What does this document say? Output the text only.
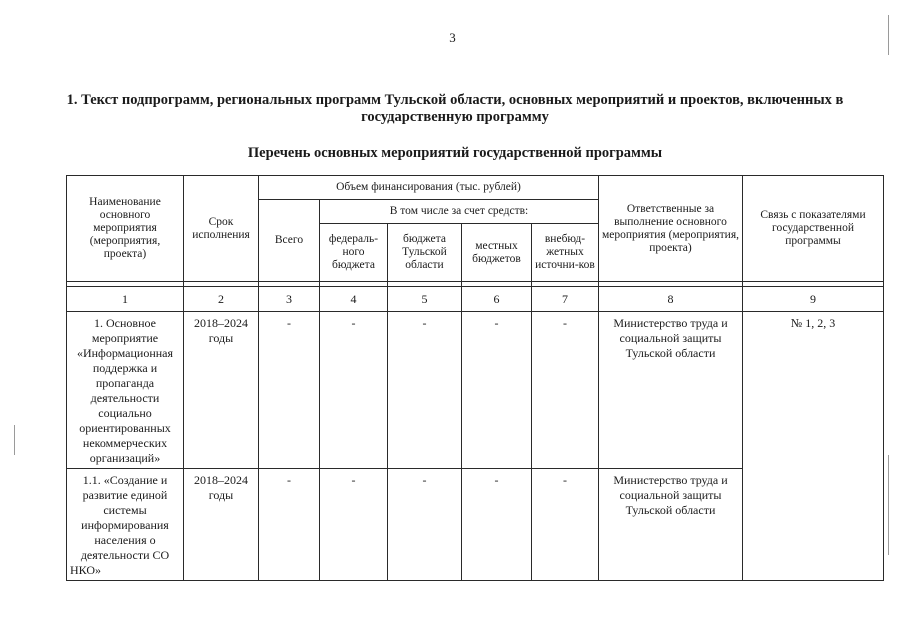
3
1. Текст подпрограмм, региональных программ Тульской области, основных мероприятий и проектов, включенных в государственную программу
Перечень основных мероприятий государственной программы
Наименование основного мероприятия (мероприятия, проекта)	Срок исполнения	Объем финансирования (тыс. рублей)					Ответственные за выполнение основного мероприятия (мероприятия, проекта)	Связь с показателями государственной программы
		Всего	В том числе за счет средств:					
			федераль-ного бюджета	бюджета Тульской области	местных бюджетов	внебюд-жетных источни-ков		

1	2	3	4	5	6	7	8	9
1. Основное мероприятие «Информационная поддержка и пропаганда деятельности социально ориентированных некоммерческих организаций»	2018–2024 годы	-	-	-	-	-	Министерство труда и социальной защиты Тульской области	№ 1, 2, 3
1.1. «Создание и развитие единой системы информирования населения о деятельности СО НКО»	2018–2024 годы	-	-	-	-	-	Министерство труда и социальной защиты Тульской области	
